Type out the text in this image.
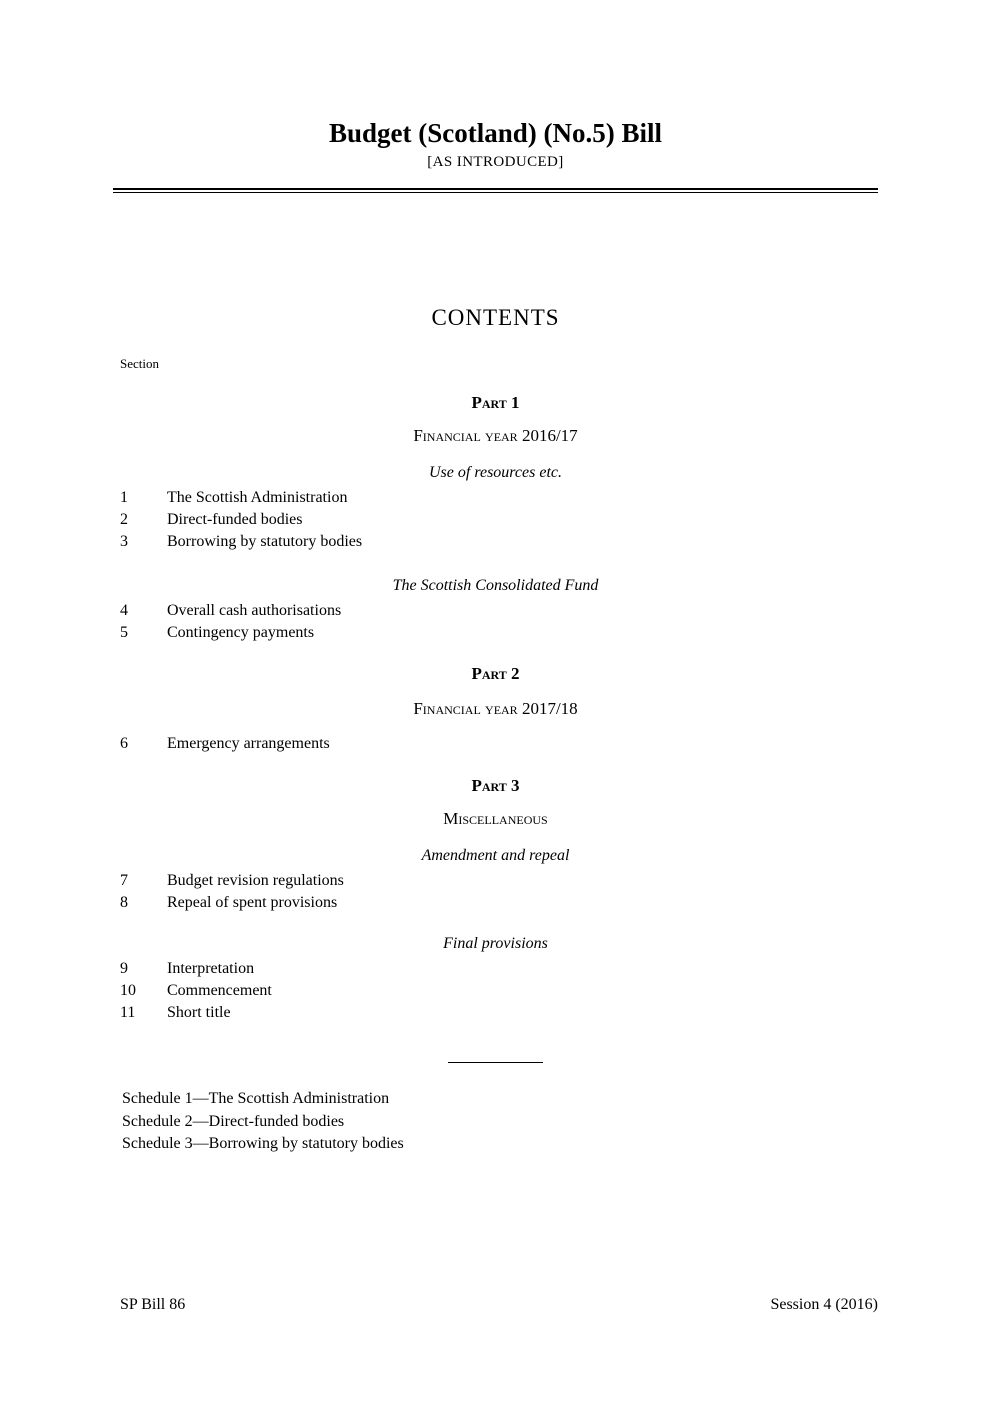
Budget (Scotland) (No.5) Bill
[AS INTRODUCED]
CONTENTS
Section
Part 1
Financial year 2016/17
Use of resources etc.
1	The Scottish Administration
2	Direct-funded bodies
3	Borrowing by statutory bodies
The Scottish Consolidated Fund
4	Overall cash authorisations
5	Contingency payments
Part 2
Financial year 2017/18
6	Emergency arrangements
Part 3
Miscellaneous
Amendment and repeal
7	Budget revision regulations
8	Repeal of spent provisions
Final provisions
9	Interpretation
10	Commencement
11	Short title
Schedule 1—The Scottish Administration
Schedule 2—Direct-funded bodies
Schedule 3—Borrowing by statutory bodies
SP Bill 86	Session 4 (2016)
